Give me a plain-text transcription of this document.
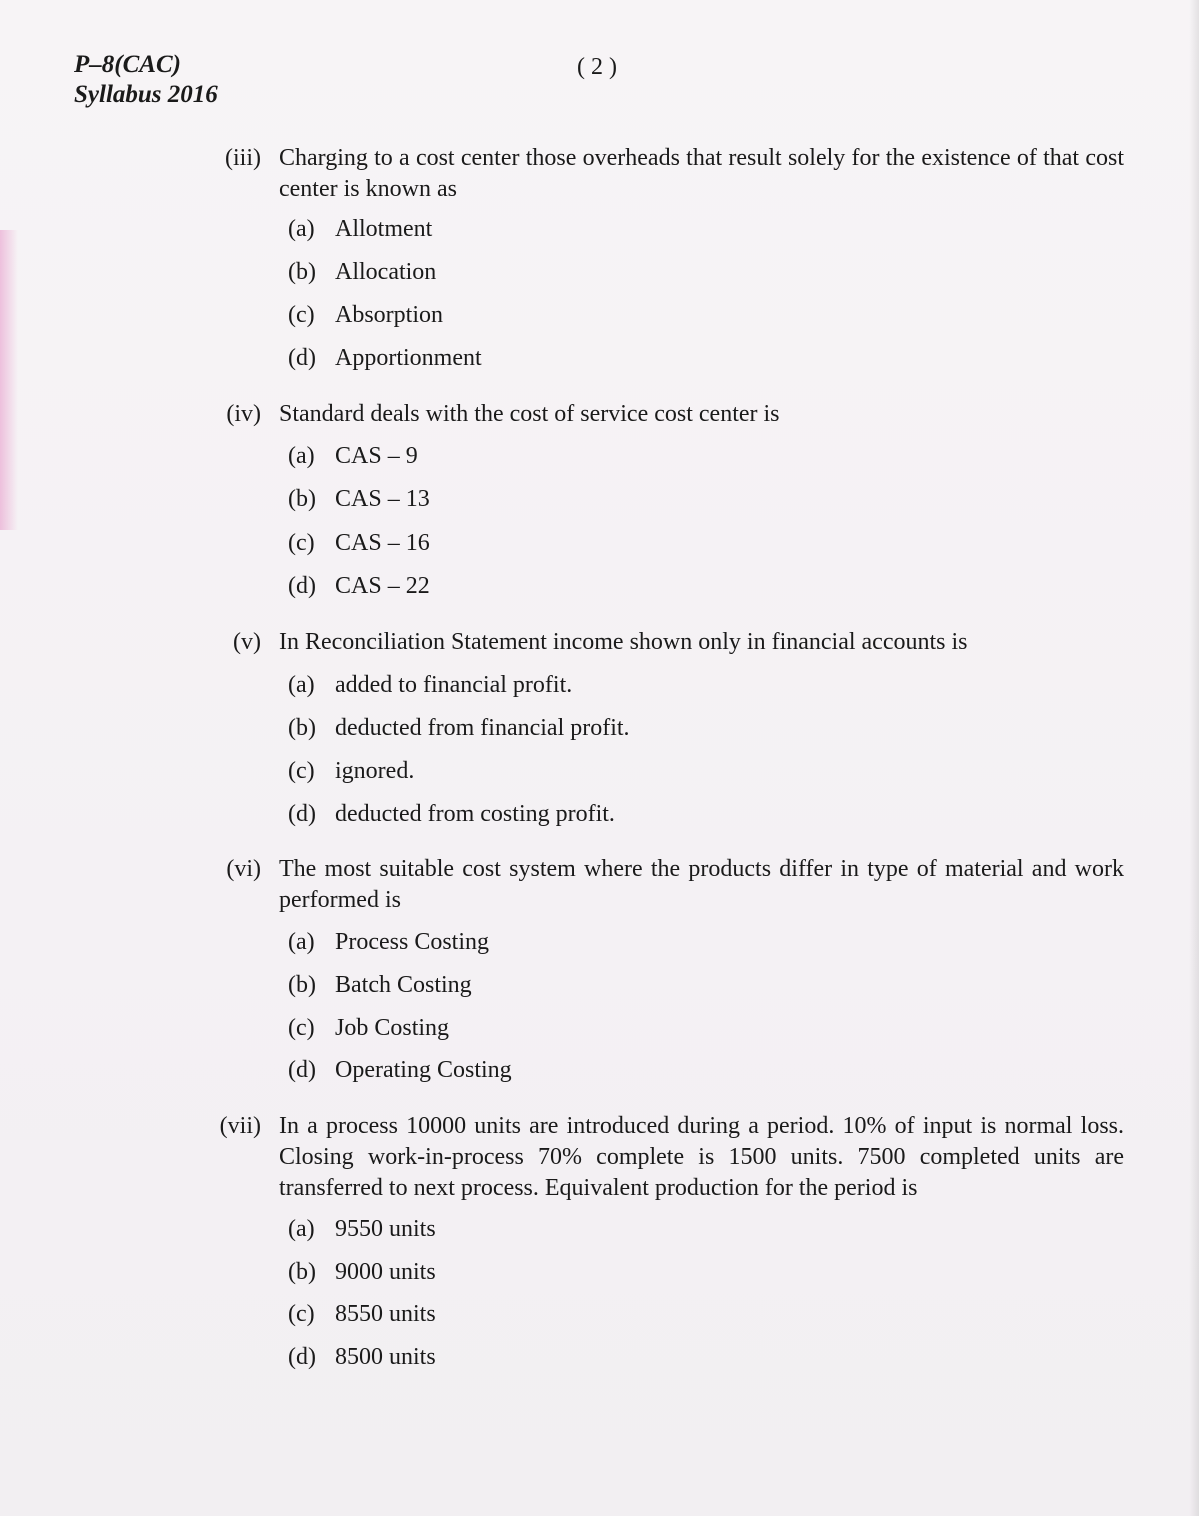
P–8(CAC)
Syllabus 2016
( 2 )
(iii) Charging to a cost center those overheads that result solely for the existence of that cost center is known as
(a) Allotment
(b) Allocation
(c) Absorption
(d) Apportionment
(iv) Standard deals with the cost of service cost center is
(a) CAS – 9
(b) CAS – 13
(c) CAS – 16
(d) CAS – 22
(v) In Reconciliation Statement income shown only in financial accounts is
(a) added to financial profit.
(b) deducted from financial profit.
(c) ignored.
(d) deducted from costing profit.
(vi) The most suitable cost system where the products differ in type of material and work performed is
(a) Process Costing
(b) Batch Costing
(c) Job Costing
(d) Operating Costing
(vii) In a process 10000 units are introduced during a period. 10% of input is normal loss. Closing work-in-process 70% complete is 1500 units. 7500 completed units are transferred to next process. Equivalent production for the period is
(a) 9550 units
(b) 9000 units
(c) 8550 units
(d) 8500 units
